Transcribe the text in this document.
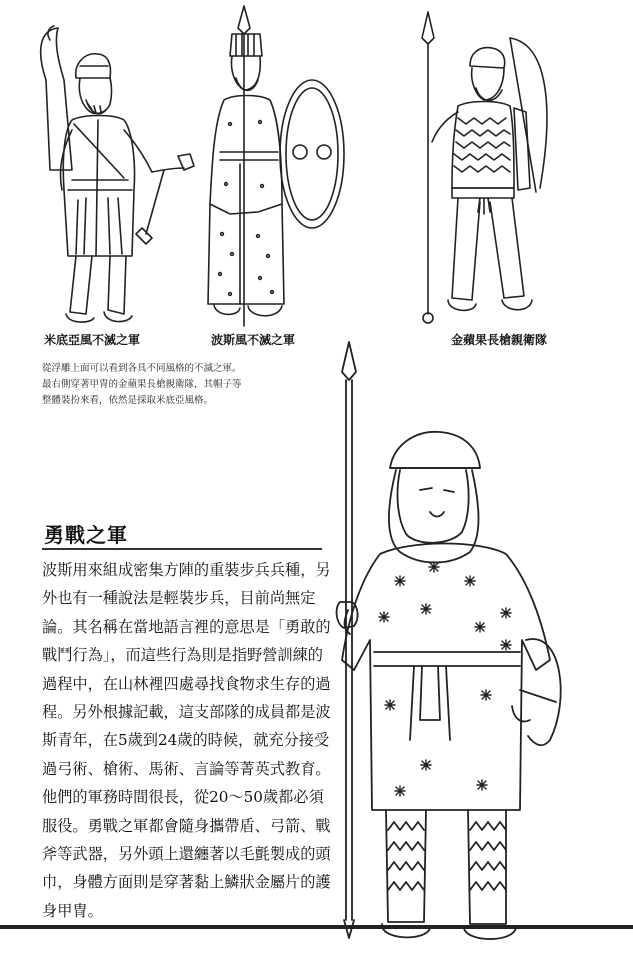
米底亞風不滅之軍	波斯風不滅之軍	金蘋果長槍親衛隊
從浮雕上面可以看到各具不同風格的不滅之軍。
最右側穿著甲冑的金蘋果長槍親衛隊，其帽子等
整體裝扮來看，依然是採取米底亞風格。
勇戰之軍
波斯用來組成密集方陣的重裝步兵兵種，另
外也有一種說法是輕裝步兵，目前尚無定
論。其名稱在當地語言裡的意思是「勇敢的
戰鬥行為」，而這些行為則是指野營訓練的
過程中，在山林裡四處尋找食物求生存的過
程。另外根據記載，這支部隊的成員都是波
斯青年，在5歲到24歲的時候，就充分接受
過弓術、槍術、馬術、言論等菁英式教育。
他們的軍務時間很長，從20～50歲都必須
服役。勇戰之軍都會隨身攜帶盾、弓箭、戰
斧等武器，另外頭上還纏著以毛氈製成的頭
巾，身體方面則是穿著黏上鱗狀金屬片的護
身甲冑。
